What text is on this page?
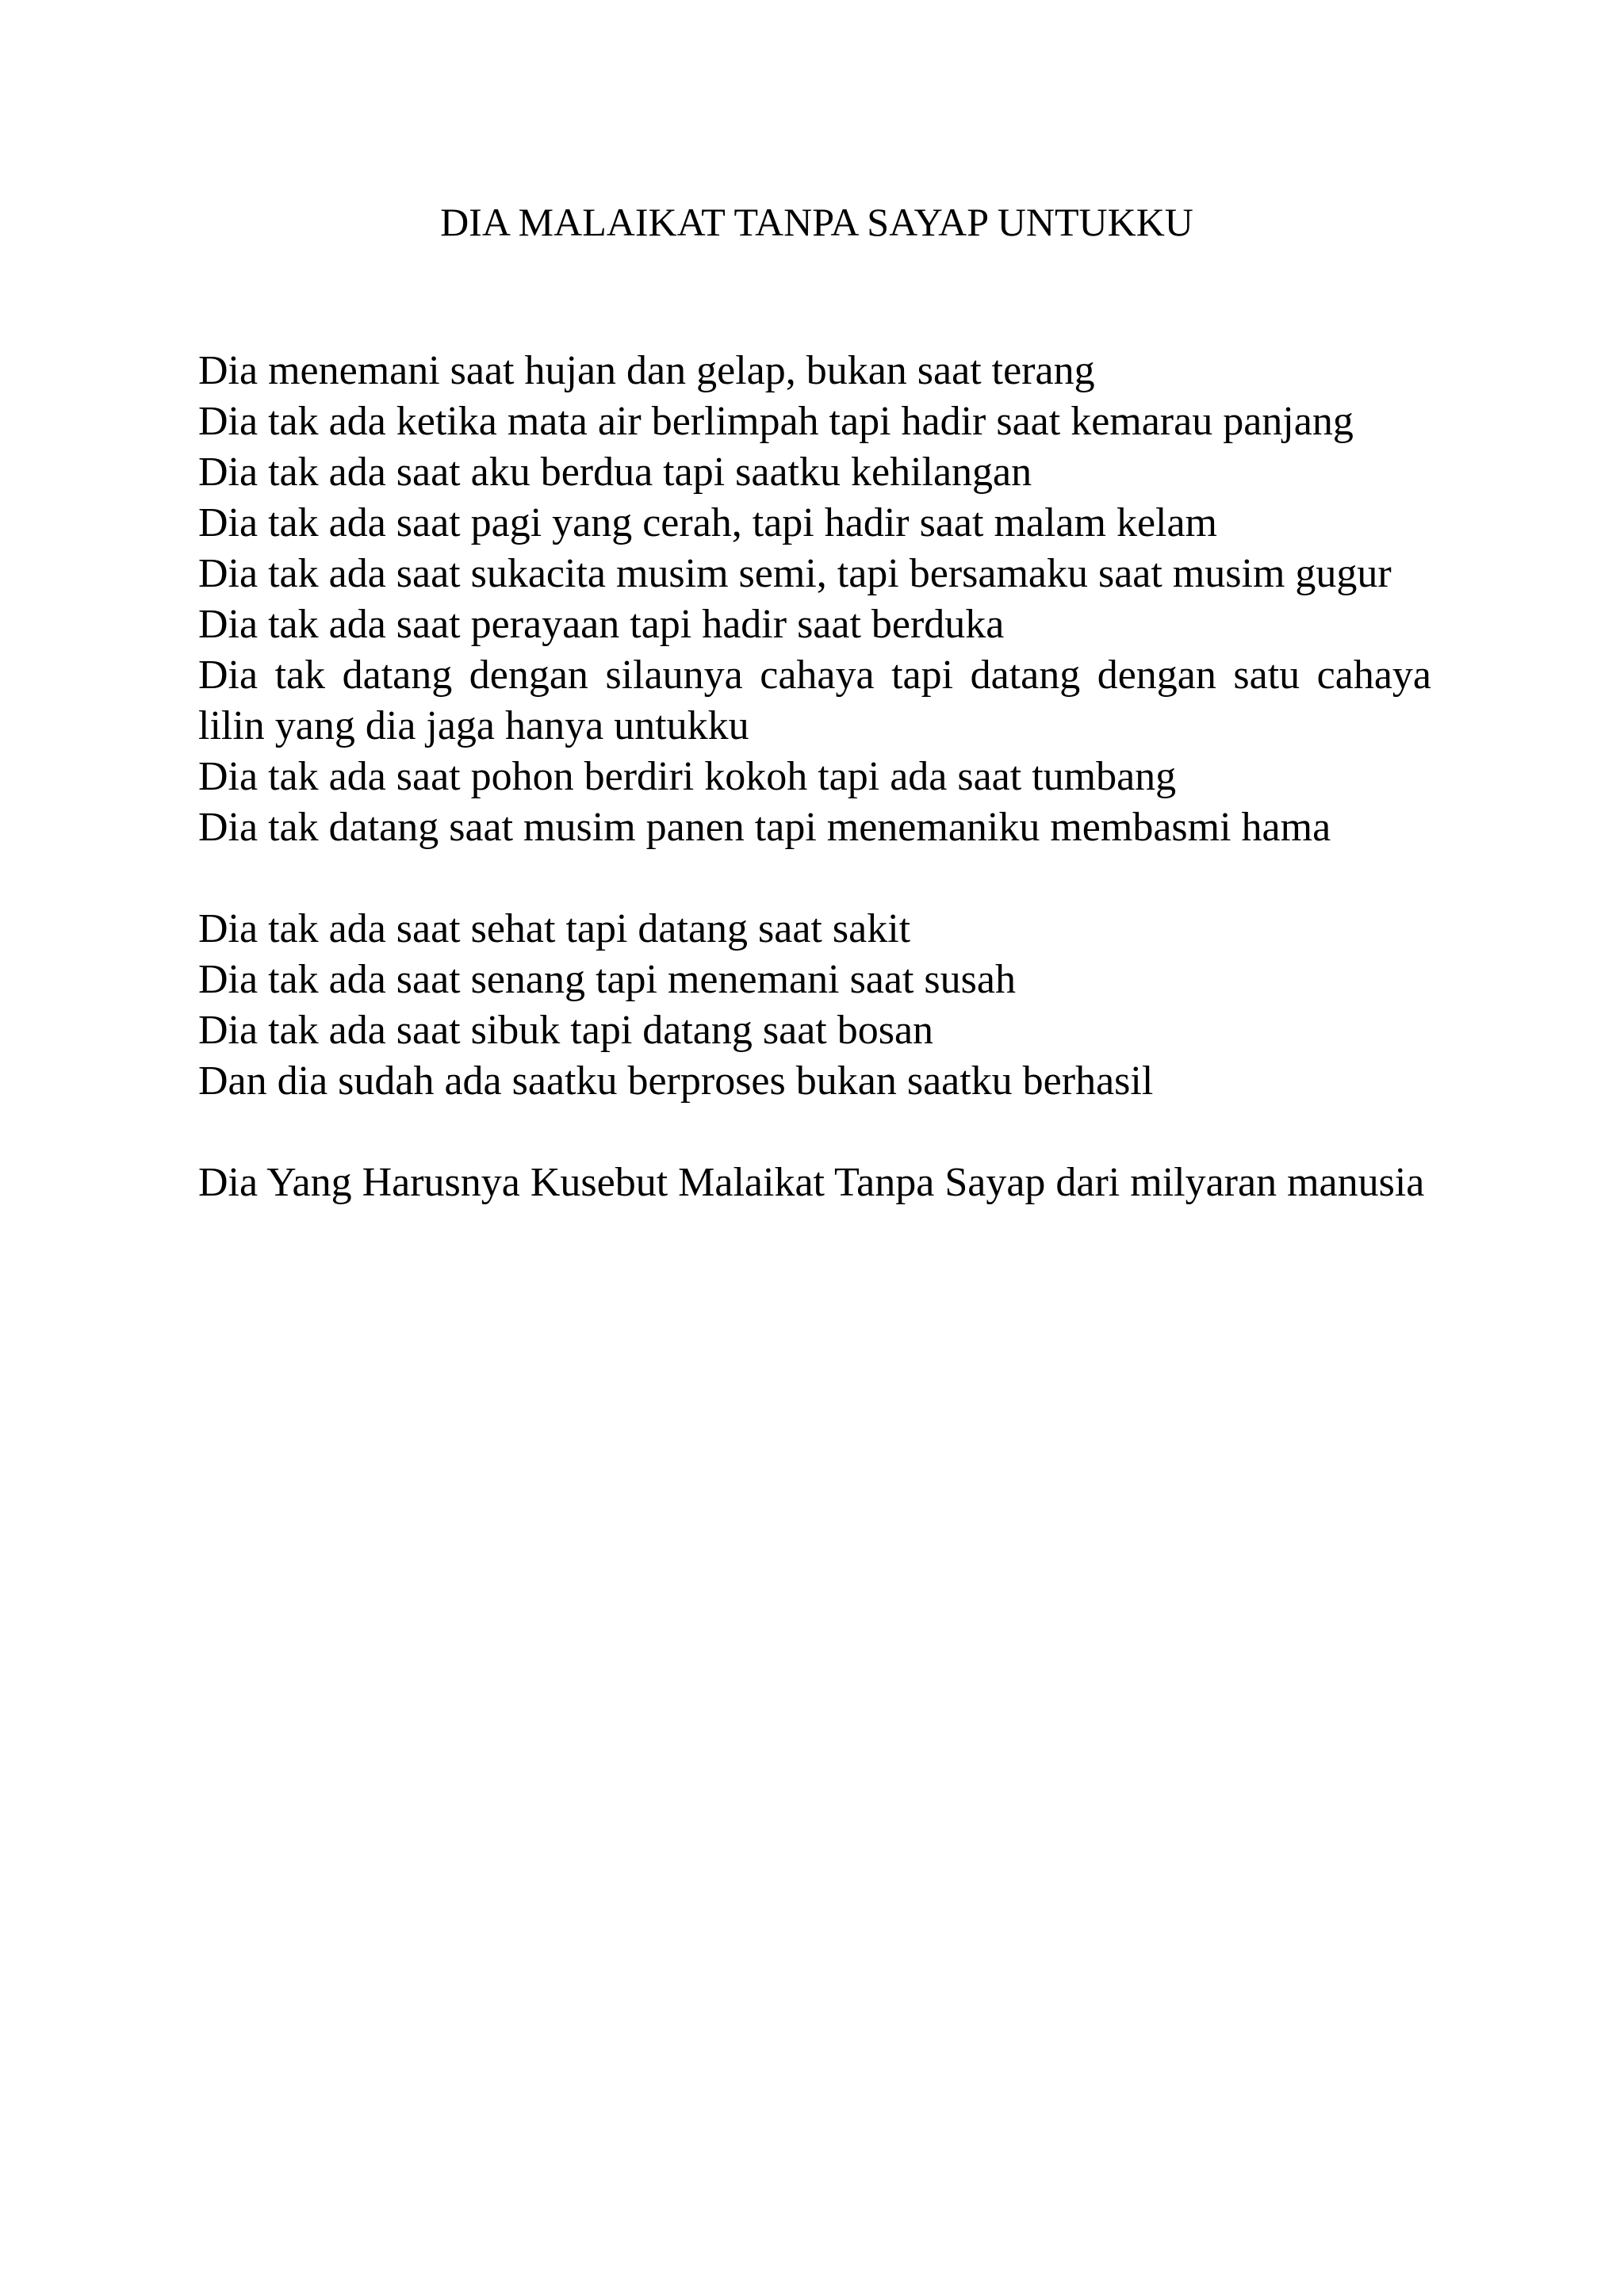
DIA MALAIKAT TANPA SAYAP UNTUKKU
Dia menemani saat hujan dan gelap, bukan saat terang
Dia tak ada ketika mata air berlimpah tapi hadir saat kemarau panjang
Dia tak ada saat aku berdua tapi saatku kehilangan
Dia tak ada saat pagi yang cerah, tapi hadir saat malam kelam
Dia tak ada saat sukacita musim semi, tapi bersamaku saat musim gugur
Dia tak ada saat perayaan tapi hadir saat berduka
Dia tak datang dengan silaunya cahaya tapi datang dengan satu cahaya lilin yang dia jaga hanya untukku
Dia tak ada saat pohon berdiri kokoh tapi ada saat tumbang
Dia tak datang saat musim panen tapi menemaniku membasmi hama
Dia tak ada saat sehat tapi datang saat sakit
Dia tak ada saat senang tapi menemani saat susah
Dia tak ada saat sibuk tapi datang saat bosan
Dan dia sudah ada saatku berproses bukan saatku berhasil
Dia Yang Harusnya Kusebut Malaikat Tanpa Sayap dari milyaran manusia
